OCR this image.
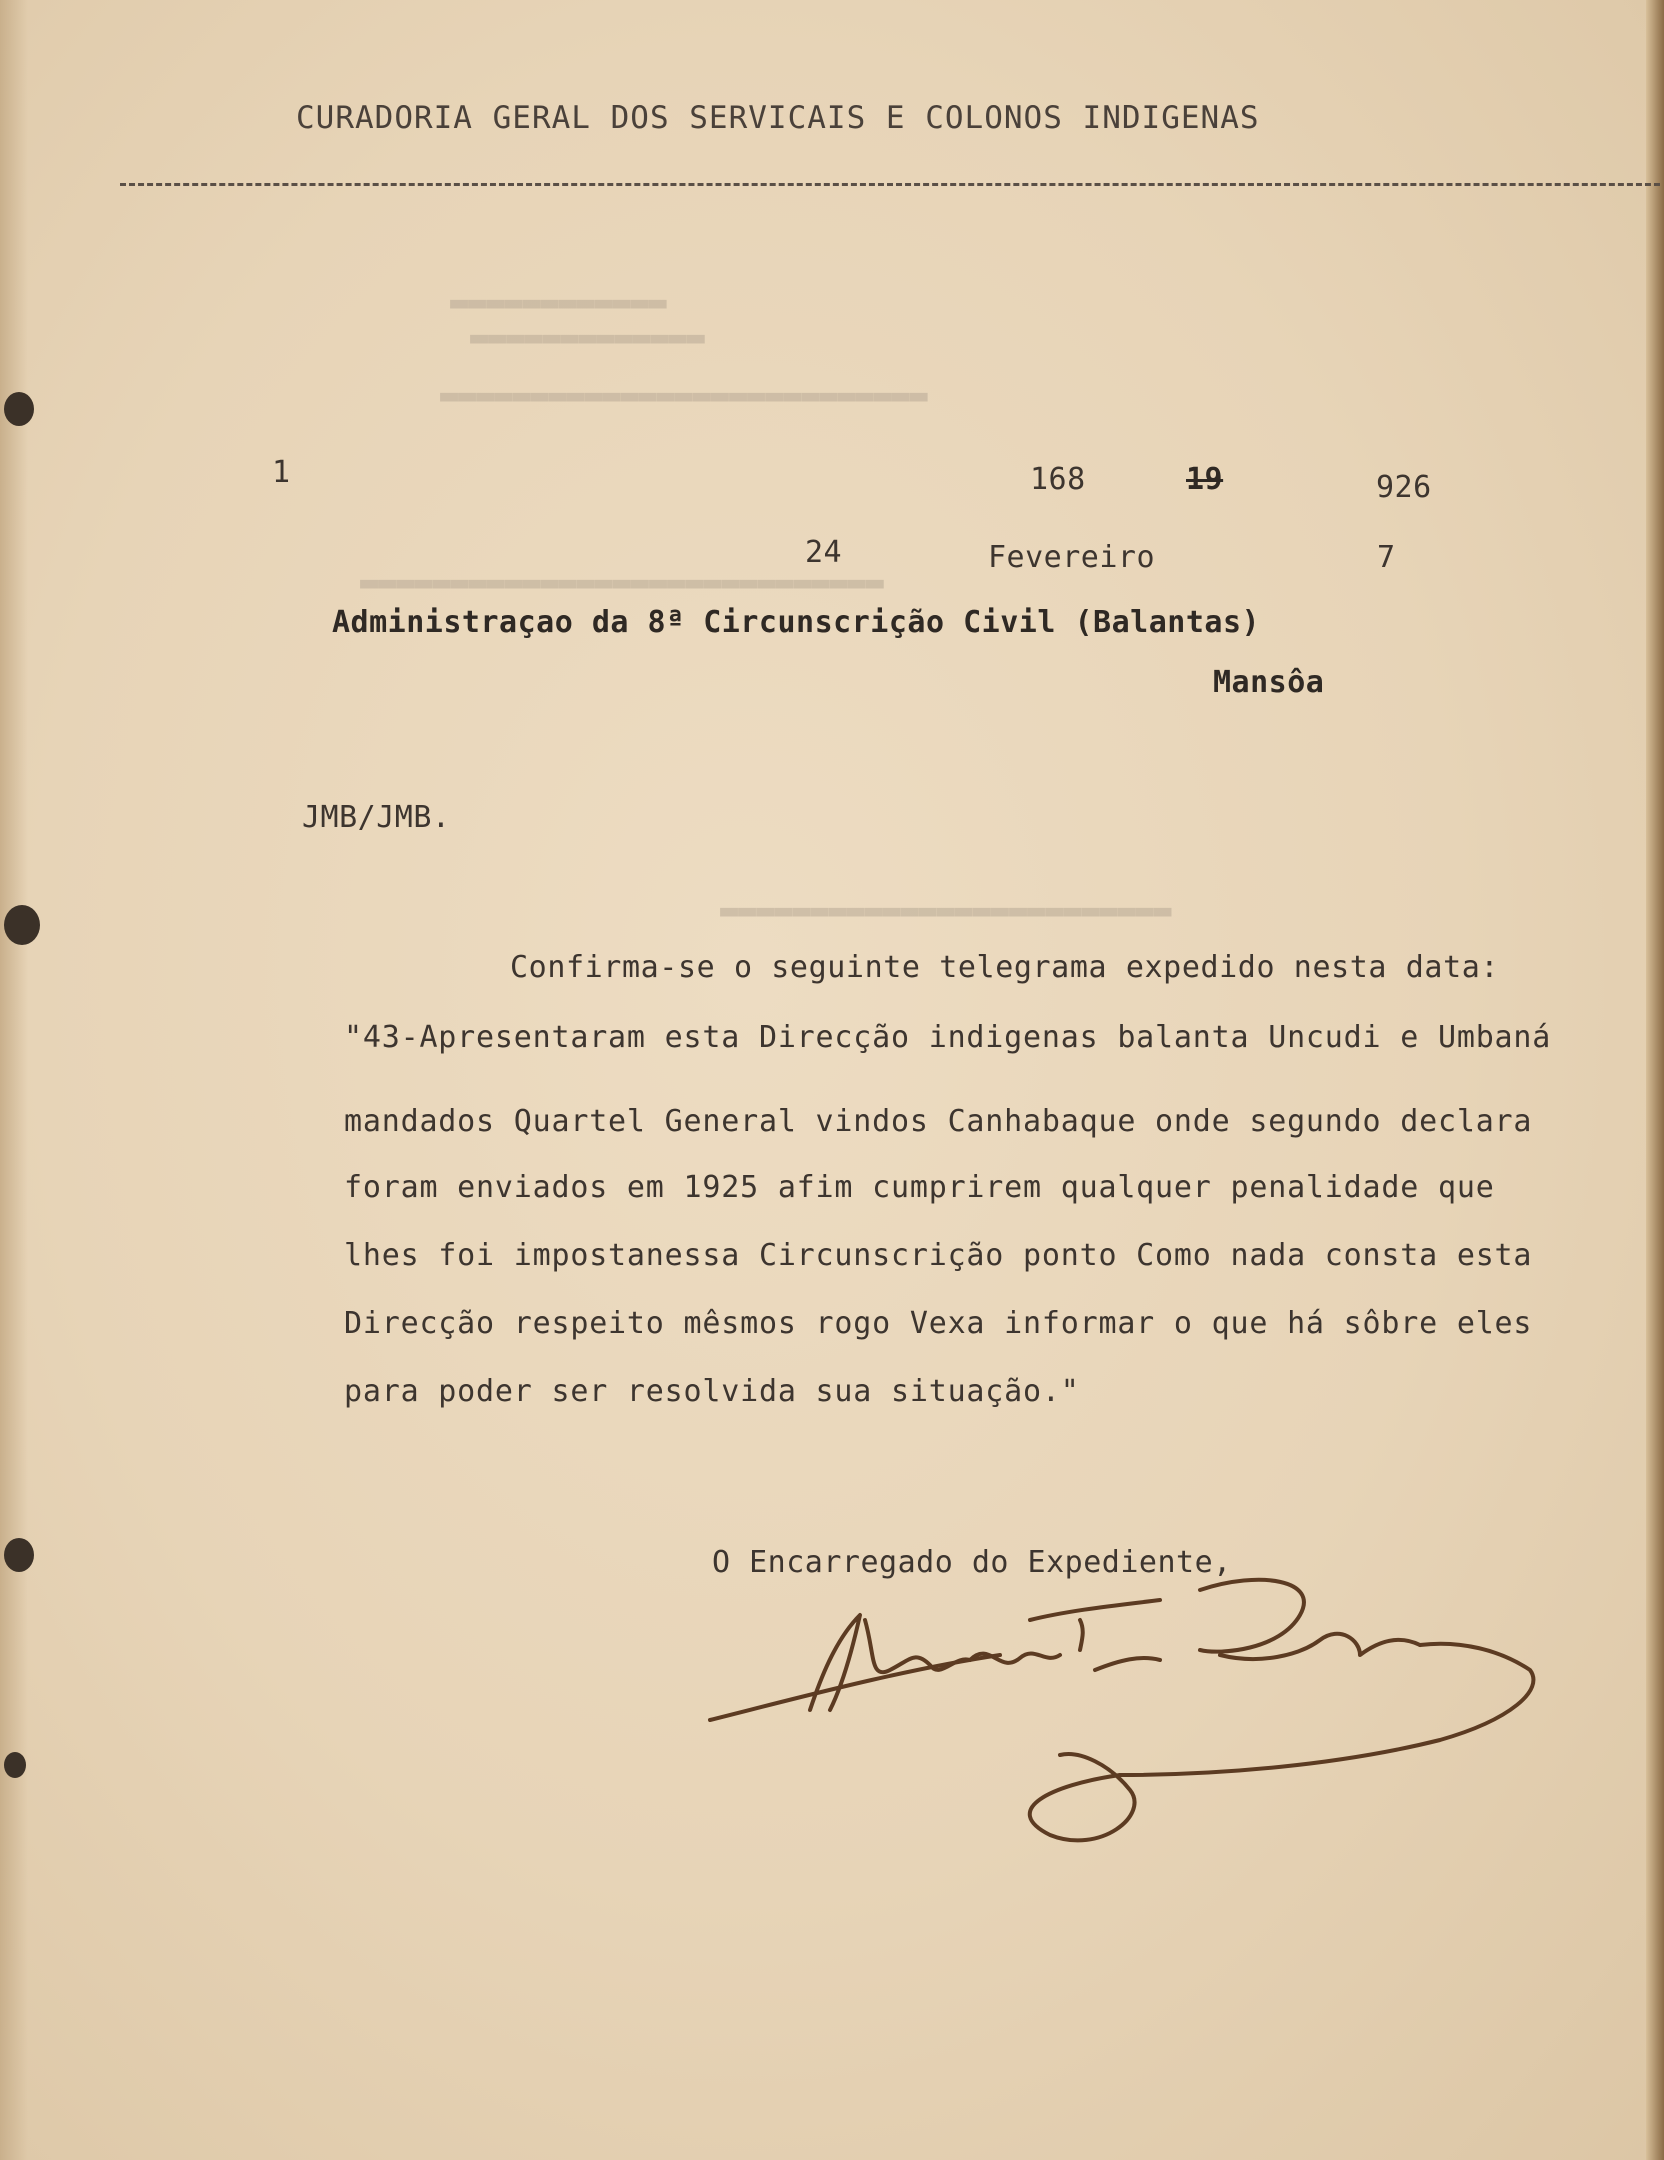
▬▬▬▬▬▬▬▬▬▬▬▬
▬▬▬▬▬▬▬▬▬▬▬▬▬
▬▬▬▬▬▬▬▬▬▬▬▬▬▬▬▬▬▬▬▬▬▬▬▬▬▬▬
▬▬▬▬▬▬▬▬▬▬▬▬▬▬▬▬▬▬▬▬▬▬▬▬▬▬▬▬▬
▬▬▬▬▬▬▬▬▬▬▬▬▬▬▬▬▬▬▬▬▬▬▬▬▬
CURADORIA GERAL DOS SERVICAIS E COLONOS INDIGENAS
1	168	19	926
24	Fevereiro	7
Administraçao da 8ª Circunscrição Civil (Balantas)
Mansôa
JMB/JMB.
Confirma-se o seguinte telegrama expedido nesta data:
"43-Apresentaram esta Direcção indigenas balanta Uncudi e Umbaná
mandados Quartel General vindos Canhabaque onde segundo declara
foram enviados em 1925 afim cumprirem qualquer penalidade que
lhes foi impostanessa Circunscrição ponto Como nada consta esta
Direcção respeito mêsmos rogo Vexa informar o que há sôbre eles
para poder ser resolvida sua situação."
O Encarregado do Expediente,
